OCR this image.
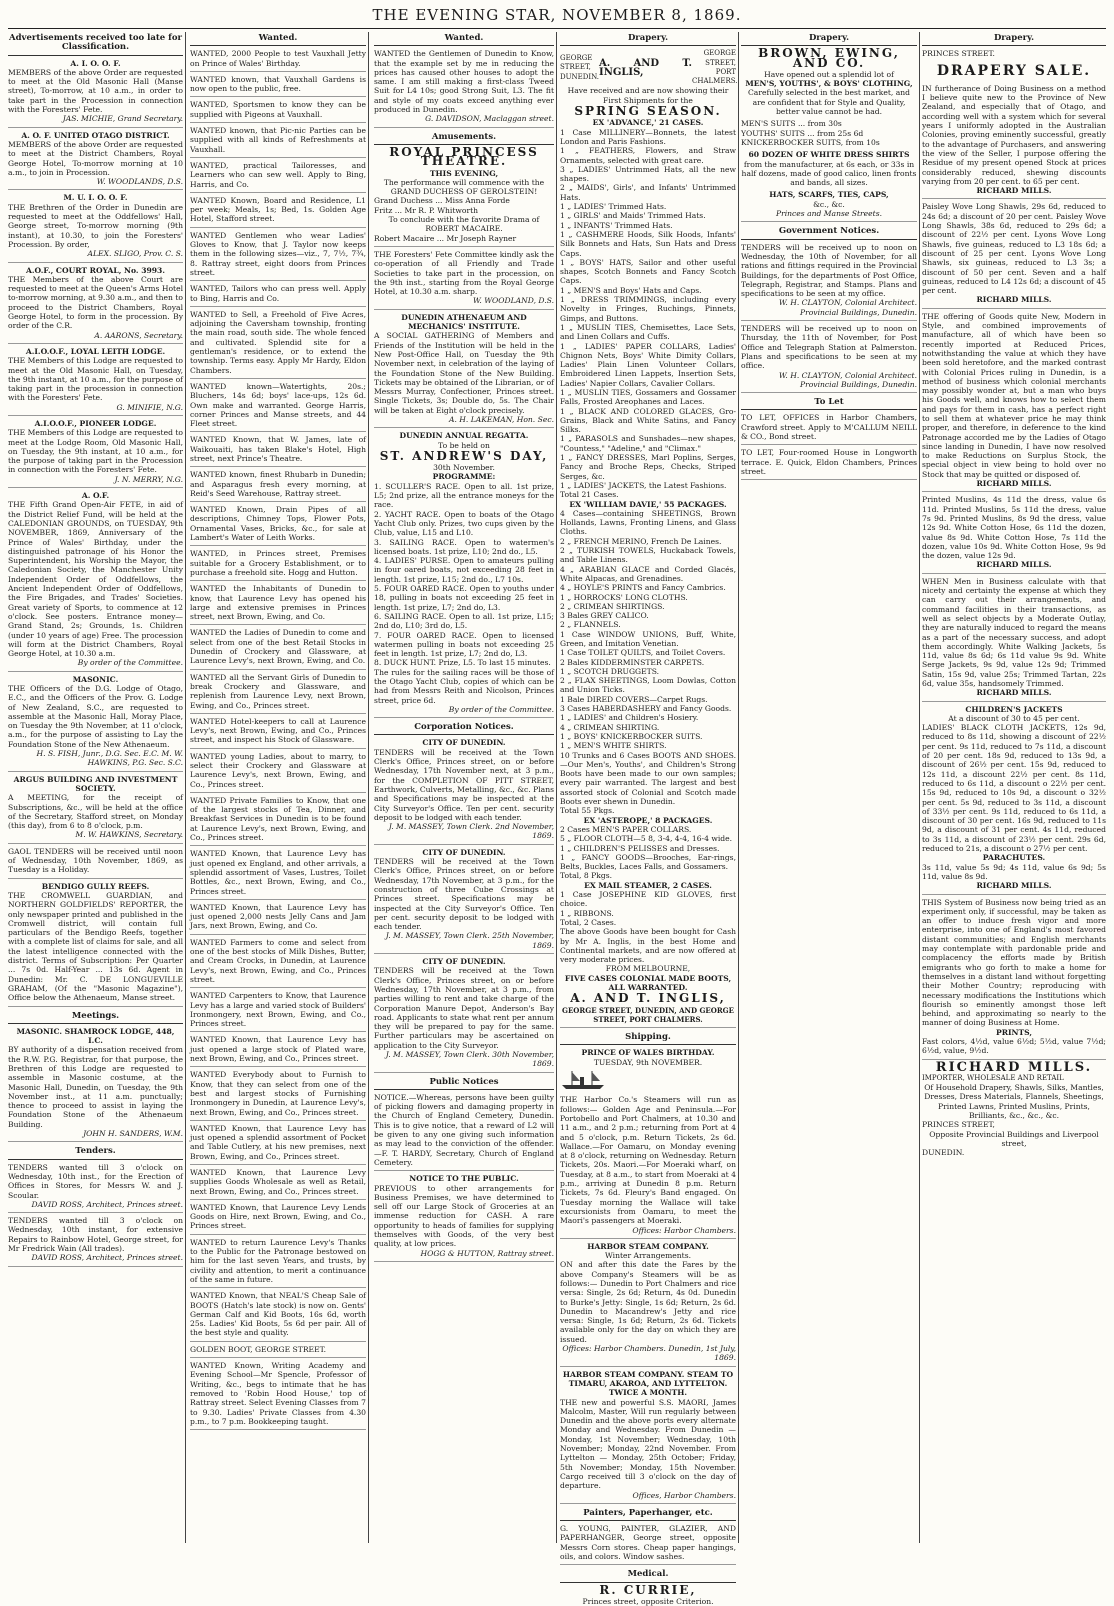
THE EVENING STAR, NOVEMBER 8, 1869.
Advertisements received too late for Classification.
A. I. O. O. F.
MEMBERS of the above Order are requested to meet at the Old Masonic Hall (Manse street), To-morrow, at 10 a.m., in order to take part in the Procession in connection with the Foresters' Fete.
JAS. MICHIE, Grand Secretary.
A. O. F. UNITED OTAGO DISTRICT.
MEMBERS of the above Order are requested to meet at the District Chambers, Royal George Hotel, To-morrow morning at 10 a.m., to join in Procession.
W. WOODLANDS, D.S.
M. U. I. O. O. F.
THE Brethren of the Order in Dunedin are requested to meet at the Oddfellows' Hall, George street, To-morrow morning (9th instant), at 10.30, to join the Foresters' Procession. By order,
ALEX. SLIGO, Prov. C. S.
A.O.F., COURT ROYAL, No. 3993.
THE Members of the above Court are requested to meet at the Queen's Arms Hotel to-morrow morning, at 9.30 a.m., and then to proceed to the District Chambers, Royal George Hotel, to form in the procession. By order of the C.R.
A. AARONS, Secretary.
A.I.O.O.F., LOYAL LEITH LODGE.
THE Members of this Lodge are requested to meet at the Old Masonic Hall, on Tuesday, the 9th instant, at 10 a.m., for the purpose of taking part in the procession in connection with the Foresters' Fete.
G. MINIFIE, N.G.
A.I.O.O.F., PIONEER LODGE.
THE Members of this Lodge are requested to meet at the Lodge Room, Old Masonic Hall, on Tuesday, the 9th instant, at 10 a.m., for the purpose of taking part in the Procession in connection with the Foresters' Fete.
J. N. MERRY, N.G.
A. O.F.
THE Fifth Grand Open-Air FETE, in aid of the District Relief Fund, will be held at the CALEDONIAN GROUNDS, on TUESDAY, 9th NOVEMBER, 1869, Anniversary of the Prince of Wales' Birthday, under the distinguished patronage of his Honor the Superintendent, his Worship the Mayor, the Caledonian Society, the Manchester Unity Independent Order of Oddfellows, the Ancient Independent Order of Oddfellows, the Fire Brigades, and Trades' Societies. Great variety of Sports, to commence at 12 o'clock. See posters. Entrance money—Grand Stand, 2s; Grounds, 1s. Children (under 10 years of age) Free. The procession will form at the District Chambers, Royal George Hotel, at 10.30 a.m.
By order of the Committee.
MASONIC.
THE Officers of the D.G. Lodge of Otago, E.C., and the Officers of the Prov. G. Lodge of New Zealand, S.C., are requested to assemble at the Masonic Hall, Moray Place, on Tuesday the 9th November, at 11 o'clock, a.m., for the purpose of assisting to Lay the Foundation Stone of the New Athenaeum.
H. S. FISH, Junr., D.G. Sec. E.C. M. W. HAWKINS, P.G. Sec. S.C.
ARGUS BUILDING AND INVESTMENT SOCIETY.
A MEETING, for the receipt of Subscriptions, &c., will be held at the office of the Secretary, Stafford street, on Monday (this day), from 6 to 8 o'clock, p.m.
M. W. HAWKINS, Secretary.
GAOL TENDERS will be received until noon of Wednesday, 10th November, 1869, as Tuesday is a Holiday.
BENDIGO GULLY REEFS.
THE CROMWELL GUARDIAN, and NORTHERN GOLDFIELDS' REPORTER, the only newspaper printed and published in the Cromwell district, will contain full particulars of the Bendigo Reefs, together with a complete list of claims for sale, and all the latest intelligence connected with the district. Terms of Subscription: Per Quarter ... 7s 0d. Half-Year ... 13s 6d. Agent in Dunedin: Mr. C. DE LONGUEVILLE GRAHAM, (Of the "Masonic Magazine"), Office below the Athenaeum, Manse street.
Meetings.
MASONIC. SHAMROCK LODGE, 448, I.C.
BY authority of a dispensation received from the R.W. P.G. Registrar, for that purpose, the Brethren of this Lodge are requested to assemble in Masonic costume, at the Masonic Hall, Dunedin, on Tuesday, the 9th November inst., at 11 a.m. punctually; thence to proceed to assist in laying the Foundation Stone of the Athenaeum Building.
JOHN H. SANDERS, W.M.
Tenders.
TENDERS wanted till 3 o'clock on Wednesday, 10th inst., for the Erection of Offices in Stores, for Messrs W. and J. Scoular.
DAVID ROSS, Architect, Princes street.
TENDERS wanted till 3 o'clock on Wednesday, 10th instant, for extensive Repairs to Rainbow Hotel, George street, for Mr Fredrick Wain (All trades).
DAVID ROSS, Architect, Princes street.
Wanted.
WANTED, 2000 People to test Vauxhall Jetty on Prince of Wales' Birthday.
WANTED known, that Vauxhall Gardens is now open to the public, free.
WANTED, Sportsmen to know they can be supplied with Pigeons at Vauxhall.
WANTED known, that Pic-nic Parties can be supplied with all kinds of Refreshments at Vauxhall.
WANTED, practical Tailoresses, and Learners who can sew well. Apply to Bing, Harris, and Co.
WANTED Known, Board and Residence, L1 per week; Meals, 1s; Bed, 1s. Golden Age Hotel, Stafford street.
WANTED Gentlemen who wear Ladies' Gloves to Know, that J. Taylor now keeps them in the following sizes—viz., 7, 7½, 7¾, 8. Rattray street, eight doors from Princes street.
WANTED, Tailors who can press well. Apply to Bing, Harris and Co.
WANTED to Sell, a Freehold of Five Acres, adjoining the Caversham township, fronting the main road, south side. The whole fenced and cultivated. Splendid site for a gentleman's residence, or to extend the township. Terms easy. Apply Mr Hardy, Eldon Chambers.
WANTED known—Watertights, 20s.; Bluchers, 14s 6d; boys' lace-ups, 12s 6d. Own make and warranted. George Harris, corner Princes and Manse streets, and 44 Fleet street.
WANTED Known, that W. James, late of Waikouaiti, has taken Blake's Hotel, High street, next Prince's Theatre.
WANTED known, finest Rhubarb in Dunedin; and Asparagus fresh every morning, at Reid's Seed Warehouse, Rattray street.
WANTED Known, Drain Pipes of all descriptions, Chimney Tops, Flower Pots, Ornamental Vases, Bricks, &c., for sale at Lambert's Water of Leith Works.
WANTED, in Princes street, Premises suitable for a Grocery Establishment, or to purchase a freehold site. Hogg and Hutton.
WANTED the Inhabitants of Dunedin to know, that Laurence Levy has opened his large and extensive premises in Princes street, next Brown, Ewing, and Co.
WANTED the Ladies of Dunedin to come and select from one of the best Retail Stocks in Dunedin of Crockery and Glassware, at Laurence Levy's, next Brown, Ewing, and Co.
WANTED all the Servant Girls of Dunedin to break Crockery and Glassware, and replenish from Laurence Levy, next Brown, Ewing, and Co., Princes street.
WANTED Hotel-keepers to call at Laurence Levy's, next Brown, Ewing, and Co., Princes street, and inspect his Stock of Glassware.
WANTED young Ladies, about to marry, to select their Crockery and Glassware at Laurence Levy's, next Brown, Ewing, and Co., Princes street.
WANTED Private Families to Know, that one of the largest stocks of Tea, Dinner, and Breakfast Services in Dunedin is to be found at Laurence Levy's, next Brown, Ewing, and Co., Princes street.
WANTED Known, that Laurence Levy has just opened ex England, and other arrivals, a splendid assortment of Vases, Lustres, Toilet Bottles, &c., next Brown, Ewing, and Co., Princes street.
WANTED Known, that Laurence Levy has just opened 2,000 nests Jelly Cans and Jam Jars, next Brown, Ewing, and Co.
WANTED Farmers to come and select from one of the best stocks of Milk Dishes, Butter, and Cream Crocks, in Dunedin, at Laurence Levy's, next Brown, Ewing, and Co., Princes street.
WANTED Carpenters to Know, that Laurence Levy has a large and varied stock of Builders' Ironmongery, next Brown, Ewing, and Co., Princes street.
WANTED Known, that Laurence Levy has just opened a large stock of Plated ware, next Brown, Ewing, and Co., Princes street.
WANTED Everybody about to Furnish to Know, that they can select from one of the best and largest stocks of Furnishing Ironmongery in Dunedin, at Laurence Levy's, next Brown, Ewing, and Co., Princes street.
WANTED Known, that Laurence Levy has just opened a splendid assortment of Pocket and Table Cutlery, at his new premises, next Brown, Ewing, and Co., Princes street.
WANTED Known, that Laurence Levy supplies Goods Wholesale as well as Retail, next Brown, Ewing, and Co., Princes street.
WANTED Known, that Laurence Levy Lends Goods on Hire, next Brown, Ewing, and Co., Princes street.
WANTED to return Laurence Levy's Thanks to the Public for the Patronage bestowed on him for the last seven Years, and trusts, by civility and attention, to merit a continuance of the same in future.
WANTED Known, that NEAL'S Cheap Sale of BOOTS (Hatch's late stock) is now on. Gents' German Calf and Kid Boots, 16s 6d, worth 25s. Ladies' Kid Boots, 5s 6d per pair. All of the best style and quality.
GOLDEN BOOT, GEORGE STREET.
WANTED Known, Writing Academy and Evening School—Mr Spencle, Professor of Writing, &c., begs to intimate that he has removed to 'Robin Hood House,' top of Rattray street. Select Evening Classes from 7 to 9.30. Ladies' Private Classes from 4.30 p.m., to 7 p.m. Bookkeeping taught.
Wanted.
WANTED the Gentlemen of Dunedin to Know, that the example set by me in reducing the prices has caused other houses to adopt the same. I am still making a first-class Tweed Suit for L4 10s; good Strong Suit, L3. The fit and style of my coats exceed anything ever produced in Dunedin.
G. DAVIDSON, Maclaggan street.
Amusements.
ROYAL PRINCESS THEATRE.
THIS EVENING,
The performance will commence with the GRAND DUCHESS OF GEROLSTEIN!
Grand Duchess ... Miss Anna Forde
Fritz ... Mr R. P. Whitworth
To conclude with the favorite Drama of ROBERT MACAIRE.
Robert Macaire ... Mr Joseph Rayner
THE Foresters' Fete Committee kindly ask the co-operation of all Friendly and Trade Societies to take part in the procession, on the 9th inst., starting from the Royal George Hotel, at 10.30 a.m. sharp.
W. WOODLAND, D.S.
DUNEDIN ATHENAEUM AND MECHANICS' INSTITUTE.
A SOCIAL GATHERING of Members and Friends of the Institution will be held in the New Post-Office Hall, on Tuesday the 9th November next, in celebration of the laying of the Foundation Stone of the New Building. Tickets may be obtained of the Librarian, or of Messrs Murray, Confectioner, Princes street. Single Tickets, 3s; Double do, 5s. The Chair will be taken at Eight o'clock precisely.
A. H. LAKEMAN, Hon. Sec.
DUNEDIN ANNUAL REGATTA.
To be held on
ST. ANDREW'S DAY,
30th November.
PROGRAMME:
1. SCULLER'S RACE. Open to all. 1st prize, L5; 2nd prize, all the entrance moneys for the race.
2. YACHT RACE. Open to boats of the Otago Yacht Club only. Prizes, two cups given by the Club, value, L15 and L10.
3. SAILING RACE. Open to watermen's licensed boats. 1st prize, L10; 2nd do., L5.
4. LADIES' PURSE. Open to amateurs pulling in four oared boats, not exceeding 28 feet in length. 1st prize, L15; 2nd do., L7 10s.
5. FOUR OARED RACE. Open to youths under 18, pulling in boats not exceeding 25 feet in length. 1st prize, L7; 2nd do, L3.
6. SAILING RACE. Open to all. 1st prize, L15; 2nd do, L10; 3rd do, L5.
7. FOUR OARED RACE. Open to licensed watermen pulling in boats not exceeding 25 feet in length. 1st prize, L7; 2nd do, L3.
8. DUCK HUNT. Prize, L5. To last 15 minutes.
The rules for the sailing races will be those of the Otago Yacht Club, copies of which can be had from Messrs Reith and Nicolson, Princes street, price 6d.
By order of the Committee.
Corporation Notices.
CITY OF DUNEDIN.
TENDERS will be received at the Town Clerk's Office, Princes street, on or before Wednesday, 17th November next, at 3 p.m., for the COMPLETION OF PITT STREET, Earthwork, Culverts, Metalling, &c., &c. Plans and Specifications may be inspected at the City Surveyor's Office. Ten per cent. security deposit to be lodged with each tender.
J. M. MASSEY, Town Clerk. 2nd November, 1869.
CITY OF DUNEDIN.
TENDERS will be received at the Town Clerk's Office, Princes street, on or before Wednesday, 17th November, at 3 p.m., for the construction of three Cube Crossings at Princes street. Specifications may be inspected at the City Surveyor's Office. Ten per cent. security deposit to be lodged with each tender.
J. M. MASSEY, Town Clerk. 25th November, 1869.
CITY OF DUNEDIN.
TENDERS will be received at the Town Clerk's Office, Princes street, on or before Wednesday, 17th November, at 3 p.m., from parties willing to rent and take charge of the Corporation Manure Depot, Anderson's Bay road. Applicants to state what rent per annum they will be prepared to pay for the same. Further particulars may be ascertained on application to the City Surveyor.
J. M. MASSEY, Town Clerk. 30th November, 1869.
Public Notices
NOTICE.—Whereas, persons have been guilty of picking flowers and damaging property in the Church of England Cemetery, Dunedin. This is to give notice, that a reward of L2 will be given to any one giving such information as may lead to the conviction of the offender.—F. T. HARDY, Secretary, Church of England Cemetery.
NOTICE TO THE PUBLIC.
PREVIOUS to other arrangements for Business Premises, we have determined to sell off our Large Stock of Groceries at an immense reduction for CASH. A rare opportunity to heads of families for supplying themselves with Goods, of the very best quality, at low prices.
HOGG & HUTTON, Rattray street.
Drapery.
GEORGE STREET, DUNEDIN.
A. AND T. INGLIS,
GEORGE STREET, PORT CHALMERS.
Have received and are now showing their First Shipments for the
SPRING SEASON.
EX 'ADVANCE,' 21 CASES.
1 Case MILLINERY—Bonnets, the latest London and Paris Fashions.
1 „ FEATHERS, Flowers, and Straw Ornaments, selected with great care.
3 „ LADIES' Untrimmed Hats, all the new shapes.
2 „ MAIDS', Girls', and Infants' Untrimmed Hats.
1 „ LADIES' Trimmed Hats.
1 „ GIRLS' and Maids' Trimmed Hats.
1 „ INFANTS' Trimmed Hats.
1 „ CASHMERE Hoods, Silk Hoods, Infants' Silk Bonnets and Hats, Sun Hats and Dress Caps.
1 „ BOYS' HATS, Sailor and other useful shapes, Scotch Bonnets and Fancy Scotch Caps.
1 „ MEN'S and Boys' Hats and Caps.
1 „ DRESS TRIMMINGS, including every Novelty in Fringes, Ruchings, Pinnets, Gimps, and Buttons.
1 „ MUSLIN TIES, Chemisettes, Lace Sets, and Linen Collars and Cuffs.
1 „ LADIES' PAPER COLLARS, Ladies' Chignon Nets, Boys' White Dimity Collars, Ladies' Plain Linen Volunteer Collars, Embroidered Linen Lappets, Insertion Sets, Ladies' Napier Collars, Cavalier Collars.
1 „ MUSLIN TIES, Gossamers and Gossamer Falls, Frosted Areophanes and Laces.
1 „ BLACK AND COLORED GLACES, Gro-Grains, Black and White Satins, and Fancy Silks.
1 „ PARASOLS and Sunshades—new shapes, "Countess," "Adeline," and "Climax."
1 „ FANCY DRESSES, Marl Poplins, Serges, Fancy and Broche Reps, Checks, Striped Serges, &c.
1 „ LADIES' JACKETS, the Latest Fashions.
Total 21 Cases.
EX 'WILLIAM DAVIE,' 55 PACKAGES.
4 Cases—containing SHEETINGS, Brown Hollands, Lawns, Fronting Linens, and Glass Cloths.
2 „ FRENCH MERINO, French De Laines.
2 „ TURKISH TOWELS, Huckaback Towels, and Table Linens.
4 „ ARABIAN GLACE and Corded Glacés, White Alpacas, and Grenadines.
4 „ HOYLE'S PRINTS and Fancy Cambrics.
1 „ HORROCKS' LONG CLOTHS.
2 „ CRIMEAN SHIRTINGS.
3 Bales GREY CALICO.
2 „ FLANNELS.
1 Case WINDOW UNIONS, Buff, White, Green, and Imitation Venetian.
1 Case TOILET QUILTS, and Toilet Covers.
2 Bales KIDDERMINSTER CARPETS.
1 „ SCOTCH DRUGGETS.
2 „ FLAX SHEETINGS, Loom Dowlas, Cotton and Union Ticks.
1 Bale DIRED COVERS—Carpet Rugs.
3 Cases HABERDASHERY and Fancy Goods.
1 „ LADIES' and Children's Hosiery.
4 „ CRIMEAN SHIRTING.
1 „ BOYS' KNICKERBOCKER SUITS.
1 „ MEN'S WHITE SHIRTS.
10 Trunks and 6 Cases BOOTS AND SHOES.—Our Men's, Youths', and Children's Strong Boots have been made to our own samples; every pair warranted. The largest and best assorted stock of Colonial and Scotch made Boots ever shewn in Dunedin.
Total 55 Pkgs.
EX 'ASTEROPE,' 8 PACKAGES.
2 Cases MEN'S PAPER COLLARS.
5 „ FLOOR CLOTH—5 8, 3-4, 4-4, 16-4 wide.
1 „ CHILDREN'S PELISSES and Dresses.
1 „ FANCY GOODS—Brooches, Ear-rings, Belts, Buckles, Laces Falls, and Gossamers.
Total, 8 Pkgs.
EX MAIL STEAMER, 2 CASES.
1 Case JOSEPHINE KID GLOVES, first choice.
1 „ RIBBONS.
Total, 2 Cases.
The above Goods have been bought for Cash by Mr A. Inglis, in the best Home and Continental markets, and are now offered at very moderate prices.
FROM MELBOURNE,
FIVE CASES COLONIAL MADE BOOTS, ALL WARRANTED.
A. AND T. INGLIS,
GEORGE STREET, DUNEDIN, AND GEORGE STREET, PORT CHALMERS.
Shipping.
PRINCE OF WALES BIRTHDAY.
TUESDAY, 9th NOVEMBER.
THE Harbor Co.'s Steamers will run as follows:— Golden Age and Peninsula.—For Portobello and Port Chalmers, at 10.30 and 11 a.m., and 2 p.m.; returning from Port at 4 and 5 o'clock, p.m. Return Tickets, 2s 6d. Wallace.—For Oamaru, on Monday evening at 8 o'clock, returning on Wednesday. Return Tickets, 20s. Maori.—For Moeraki wharf, on Tuesday, at 8 a.m., to start from Moeraki at 4 p.m., arriving at Dunedin 8 p.m. Return Tickets, 7s 6d. Fleury's Band engaged. On Tuesday morning the Wallace will take excursionists from Oamaru, to meet the Maori's passengers at Moeraki.
Offices: Harbor Chambers.
HARBOR STEAM COMPANY.
Winter Arrangements.
ON and after this date the Fares by the above Company's Steamers will be as follows:— Dunedin to Port Chalmers and rice versa: Single, 2s 6d; Return, 4s 0d. Dunedin to Burke's Jetty: Single, 1s 6d; Return, 2s 6d. Dunedin to Macandrew's Jetty and rice versa: Single, 1s 6d; Return, 2s 6d. Tickets available only for the day on which they are issued.
Offices: Harbor Chambers. Dunedin, 1st July, 1869.
HARBOR STEAM COMPANY. STEAM TO TIMARU, AKAROA, AND LYTTELTON. TWICE A MONTH.
THE new and powerful S.S. MAORI, James Malcolm, Master, Will run regularly between Dunedin and the above ports every alternate Monday and Wednesday. From Dunedin — Monday, 1st November; Wednesday, 10th November; Monday, 22nd November. From Lyttelton — Monday, 25th October; Friday, 5th November; Monday, 15th November. Cargo received till 3 o'clock on the day of departure.
Offices, Harbor Chambers.
Painters, Paperhanger, etc.
G. YOUNG, PAINTER, GLAZIER, AND PAPERHANGER, George street, opposite Messrs Corn stores. Cheap paper hangings, oils, and colors. Window sashes.
Medical.
R. CURRIE,
Princes street, opposite Criterion.
Drapery.
BROWN, EWING, AND CO.
Have opened out a splendid lot of
MEN'S, YOUTHS', & BOYS' CLOTHING,
Carefully selected in the best market, and are confident that for Style and Quality, better value cannot be had.
MEN'S SUITS ... from 30s
YOUTHS' SUITS ... from 25s 6d
KNICKERBOCKER SUITS, from 10s
60 DOZEN OF WHITE DRESS SHIRTS
from the manufacturer, at 6s each, or 33s in half dozens, made of good calico, linen fronts and bands, all sizes.
HATS, SCARFS, TIES, CAPS,
&c., &c.
Princes and Manse Streets.
Government Notices.
TENDERS will be received up to noon on Wednesday, the 10th of November, for all rations and fittings required in the Provincial Buildings, for the departments of Post Office, Telegraph, Registrar, and Stamps. Plans and specifications to be seen at my office.
W. H. CLAYTON, Colonial Architect. Provincial Buildings, Dunedin.
TENDERS will be received up to noon on Thursday, the 11th of November, for Post Office and Telegraph Station at Palmerston. Plans and specifications to be seen at my office.
W. H. CLAYTON, Colonial Architect. Provincial Buildings, Dunedin.
To Let
TO LET, OFFICES in Harbor Chambers, Crawford street. Apply to M'CALLUM NEILL & CO., Bond street.
TO LET, Four-roomed House in Longworth terrace. E. Quick, Eldon Chambers, Princes street.
Drapery.
PRINCES STREET.
DRAPERY SALE.
IN furtherance of Doing Business on a method I believe quite new to the Province of New Zealand, and especially that of Otago, and according well with a system which for several years I uniformly adopted in the Australian Colonies, proving eminently successful, greatly to the advantage of Purchasers, and answering the view of the Seller, I purpose offering the Residue of my present opened Stock at prices considerably reduced, shewing discounts varying from 20 per cent. to 65 per cent.
RICHARD MILLS.
Paisley Wove Long Shawls, 29s 6d, reduced to 24s 6d; a discount of 20 per cent. Paisley Wove Long Shawls, 38s 6d, reduced to 29s 6d; a discount of 22½ per cent. Lyons Wove Long Shawls, five guineas, reduced to L3 18s 6d; a discount of 25 per cent. Lyons Wove Long Shawls, six guineas, reduced to L3 3s; a discount of 50 per cent. Seven and a half guineas, reduced to L4 12s 6d; a discount of 45 per cent.
RICHARD MILLS.
THE offering of Goods quite New, Modern in Style, and combined improvements of manufacture, all of which have been so recently imported at Reduced Prices, notwithstanding the value at which they have been sold heretofore, and the marked contrast with Colonial Prices ruling in Dunedin, is a method of business which colonial merchants may possibly wonder at, but a man who buys his Goods well, and knows how to select them and pays for them in cash, has a perfect right to sell them at whatever price he may think proper, and therefore, in deference to the kind Patronage accorded me by the Ladies of Otago since landing in Dunedin, I have now resolved to make Reductions on Surplus Stock, the special object in view being to hold over no Stock that may be quitted or disposed of.
RICHARD MILLS.
Printed Muslins, 4s 11d the dress, value 6s 11d. Printed Muslins, 5s 11d the dress, value 7s 9d. Printed Muslins, 8s 9d the dress, value 12s 9d. White Cotton Hose, 6s 11d the dozen, value 8s 9d. White Cotton Hose, 7s 11d the dozen, value 10s 9d. White Cotton Hose, 9s 9d the dozen, value 12s 9d.
RICHARD MILLS.
WHEN Men in Business calculate with that nicety and certainty the expense at which they can carry out their arrangements, and command facilities in their transactions, as well as select objects by a Moderate Outlay, they are naturally induced to regard the means as a part of the necessary success, and adopt them accordingly. White Walking Jackets, 5s 11d, value 8s 6d; 6s 11d value 9s 9d. White Serge Jackets, 9s 9d, value 12s 9d; Trimmed Satin, 15s 9d, value 25s; Trimmed Tartan, 22s 6d, value 35s, handsomely Trimmed.
RICHARD MILLS.
CHILDREN'S JACKETS
At a discount of 30 to 45 per cent.
LADIES' BLACK CLOTH JACKETS, 12s 9d, reduced to 8s 11d, showing a discount of 22½ per cent. 9s 11d, reduced to 7s 11d, a discount of 20 per cent. 18s 9d, reduced to 13s 9d, a discount of 26½ per cent. 15s 9d, reduced to 12s 11d, a discount 22½ per cent. 8s 11d, reduced to 6s 11d, a discount o 22½ per cent. 15s 9d, reduced to 10s 9d, a discount o 32½ per cent. 5s 9d, reduced to 3s 11d, a discount of 33½ per cent. 9s 11d, reduced to 6s 11d, a discount of 30 per cent. 16s 9d, reduced to 11s 9d, a discount of 31 per cent. 4s 11d, reduced to 3s 11d, a discount of 23½ per cent. 29s 6d, reduced to 21s, a discount o 27½ per cent.
PARACHUTES.
3s 11d, value 5s 9d; 4s 11d, value 6s 9d; 5s 11d, value 8s 9d.
RICHARD MILLS.
THIS System of Business now being tried as an experiment only, if successful, may be taken as an offer to induce fresh vigor and more enterprise, into one of England's most favored distant communities; and English merchants may contemplate with pardonable pride and complacency the efforts made by British emigrants who go forth to make a home for themselves in a distant land without forgetting their Mother Country; reproducing with necessary modifications the Institutions which flourish so eminently amongst those left behind, and approximating so nearly to the manner of doing Business at Home.
PRINTS,
Fast colors, 4½d, value 6½d; 5½d, value 7½d; 6½d, value, 9½d.
RICHARD MILLS.
IMPORTER, WHOLESALE AND RETAIL
Of Household Drapery, Shawls, Silks, Mantles, Dresses, Dress Materials, Flannels, Sheetings, Printed Lawns, Printed Muslins, Prints, Brilliants, &c., &c., &c.
PRINCES STREET,
Opposite Provincial Buildings and Liverpool street,
DUNEDIN.
